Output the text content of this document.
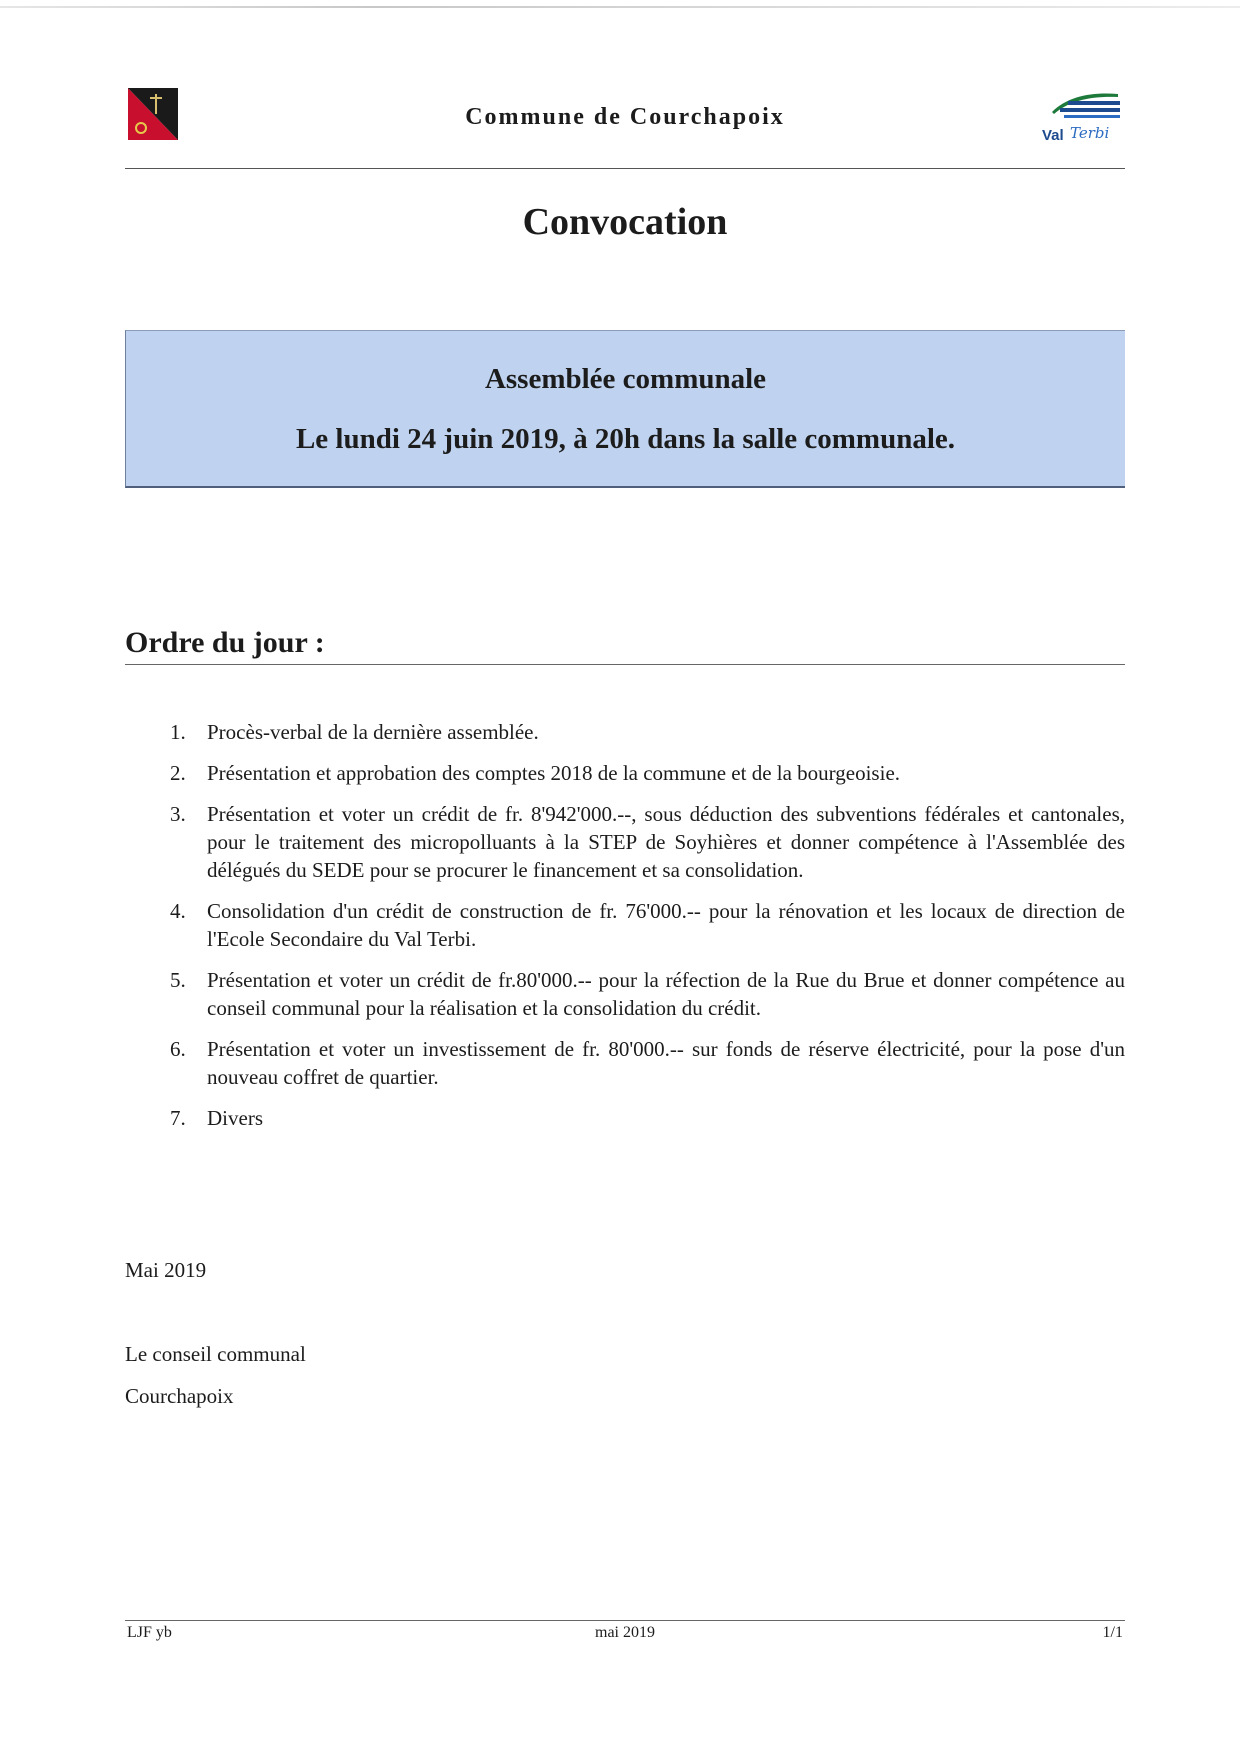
Commune de Courchapoix
Val Terbi
Convocation
Assemblée communale
Le lundi 24 juin 2019, à 20h dans la salle communale.
Ordre du jour :
1. Procès-verbal de la dernière assemblée.
2. Présentation et approbation des comptes 2018 de la commune et de la bourgeoisie.
3. Présentation et voter un crédit de fr. 8'942'000.--, sous déduction des subventions fédérales et cantonales, pour le traitement des micropolluants à la STEP de Soyhières et donner compétence à l'Assemblée des délégués du SEDE pour se procurer le financement et sa consolidation.
4. Consolidation d'un crédit de construction de fr. 76'000.-- pour la rénovation et les locaux de direction de l'Ecole Secondaire du Val Terbi.
5. Présentation et voter un crédit de fr.80'000.-- pour la réfection de la Rue du Brue et donner compétence au conseil communal pour la réalisation et la consolidation du crédit.
6. Présentation et voter un investissement de fr. 80'000.-- sur fonds de réserve électricité, pour la pose d'un nouveau coffret de quartier.
7. Divers
Mai 2019
Le conseil communal
Courchapoix
LJF yb	mai 2019	1/1
